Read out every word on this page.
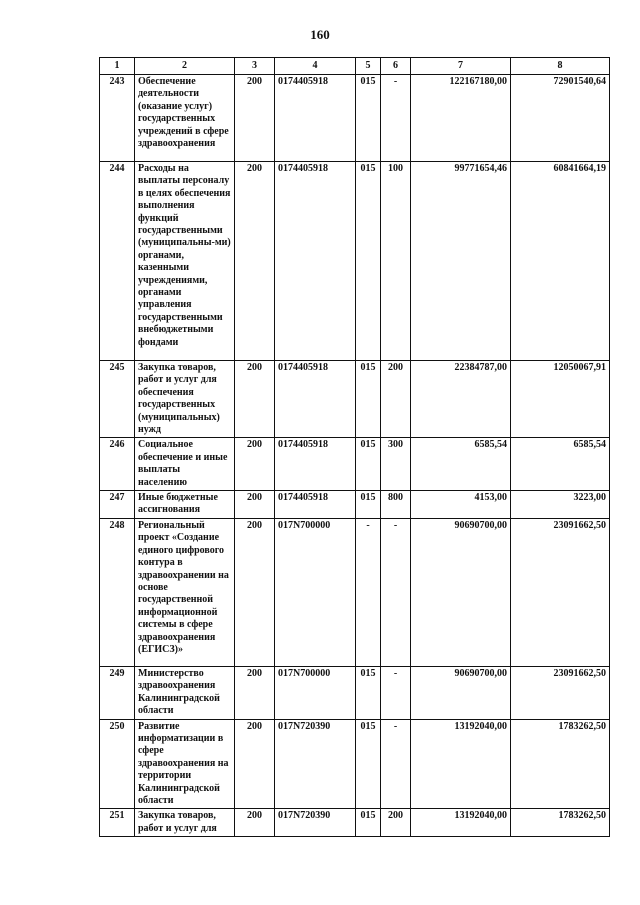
160
1	2	3	4	5	6	7	8
243	Обеспечение деятельности (оказание услуг) государственных учреждений в сфере здравоохранения	200	0174405918	015	-	122167180,00	72901540,64
244	Расходы на выплаты персоналу в целях обеспечения выполнения функций государственными (муниципальны-ми) органами, казенными учреждениями, органами управления государственными внебюджетными фондами	200	0174405918	015	100	99771654,46	60841664,19
245	Закупка товаров, работ и услуг для обеспечения государственных (муниципальных) нужд	200	0174405918	015	200	22384787,00	12050067,91
246	Социальное обеспечение и иные выплаты населению	200	0174405918	015	300	6585,54	6585,54
247	Иные бюджетные ассигнования	200	0174405918	015	800	4153,00	3223,00
248	Региональный проект «Создание единого цифрового контура в здравоохранении на основе государственной информационной системы в сфере здравоохранения (ЕГИСЗ)»	200	017N700000	-	-	90690700,00	23091662,50
249	Министерство здравоохранения Калининградской области	200	017N700000	015	-	90690700,00	23091662,50
250	Развитие информатизации в сфере здравоохранения на территории Калининградской области	200	017N720390	015	-	13192040,00	1783262,50
251	Закупка товаров, работ и услуг для	200	017N720390	015	200	13192040,00	1783262,50
